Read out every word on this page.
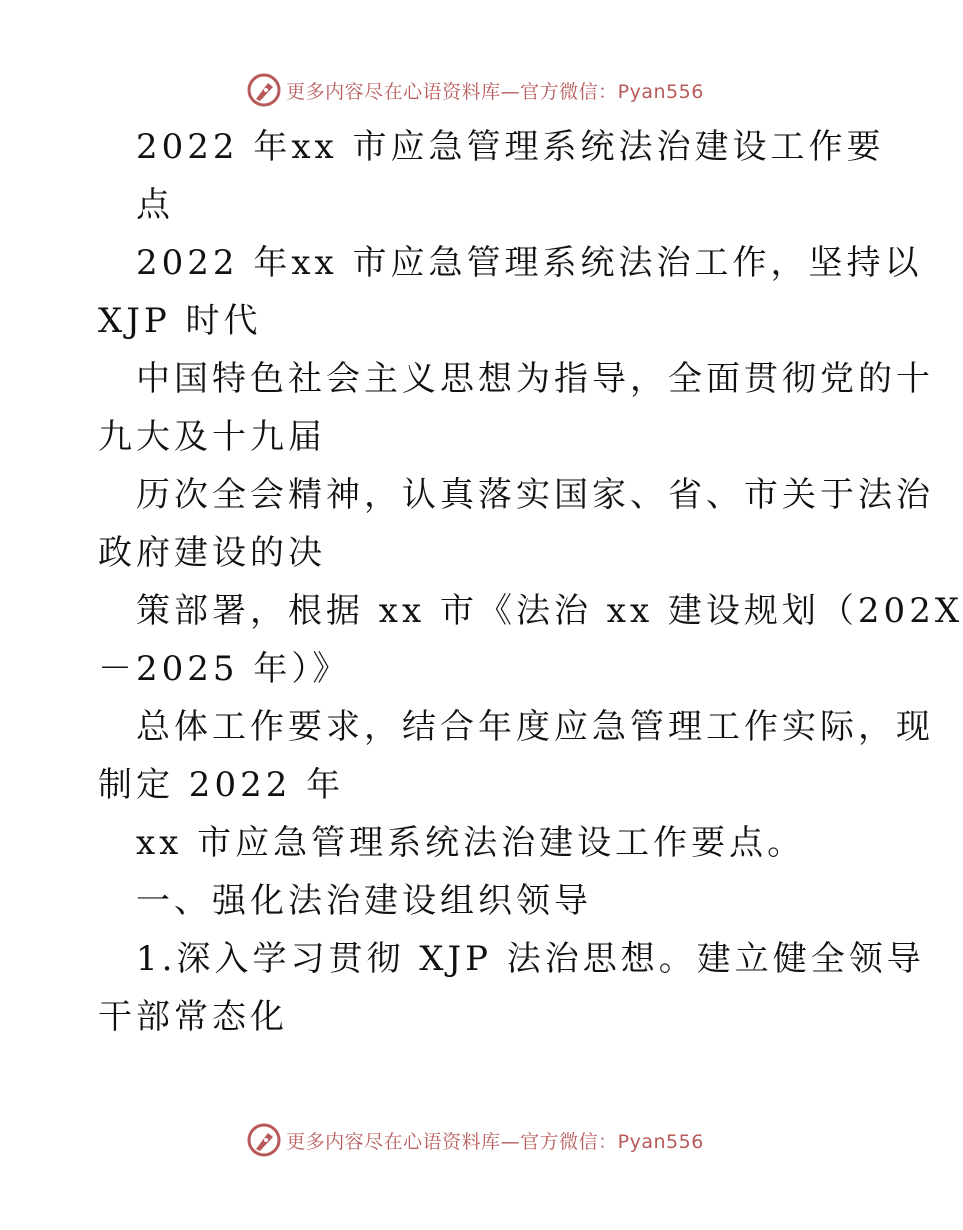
更多内容尽在心语资料库—官方微信：Pyan556
2022 年xx 市应急管理系统法治建设工作要
点
2022 年xx 市应急管理系统法治工作，坚持以
XJP 时代
中国特色社会主义思想为指导，全面贯彻党的十
九大及十九届
历次全会精神，认真落实国家、省、市关于法治
政府建设的决
策部署，根据 xx 市《法治 xx 建设规划（202X
－2025 年）》
总体工作要求，结合年度应急管理工作实际，现
制定 2022 年
xx 市应急管理系统法治建设工作要点。
一、强化法治建设组织领导
1.深入学习贯彻 XJP 法治思想。建立健全领导
干部常态化
更多内容尽在心语资料库—官方微信：Pyan556
